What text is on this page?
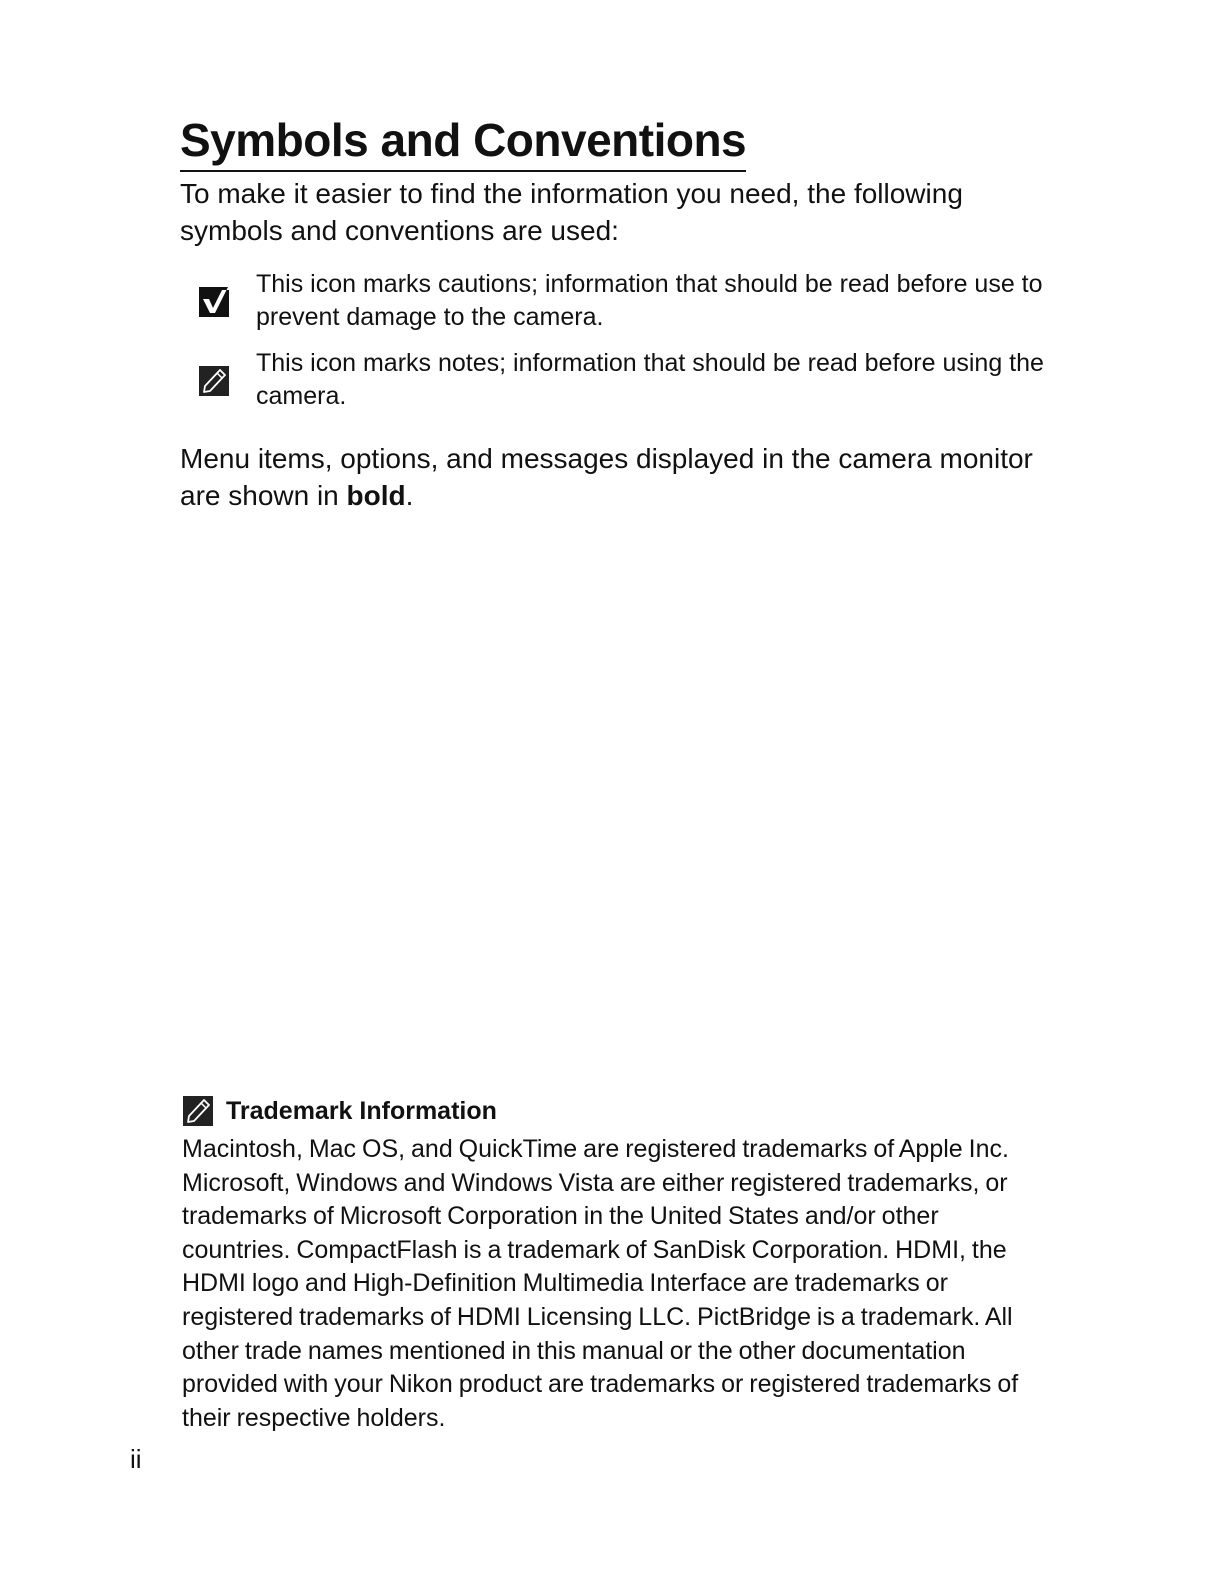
Symbols and Conventions

To make it easier to find the information you need, the following symbols and conventions are used:

This icon marks cautions; information that should be read before use to prevent damage to the camera.

This icon marks notes; information that should be read before using the camera.

Menu items, options, and messages displayed in the camera monitor are shown in bold.

Trademark Information

Macintosh, Mac OS, and QuickTime are registered trademarks of Apple Inc. Microsoft, Windows and Windows Vista are either registered trademarks, or trademarks of Microsoft Corporation in the United States and/or other countries. CompactFlash is a trademark of SanDisk Corporation. HDMI, the HDMI logo and High-Definition Multimedia Interface are trademarks or registered trademarks of HDMI Licensing LLC. PictBridge is a trademark. All other trade names mentioned in this manual or the other documentation provided with your Nikon product are trademarks or registered trademarks of their respective holders.

ii
